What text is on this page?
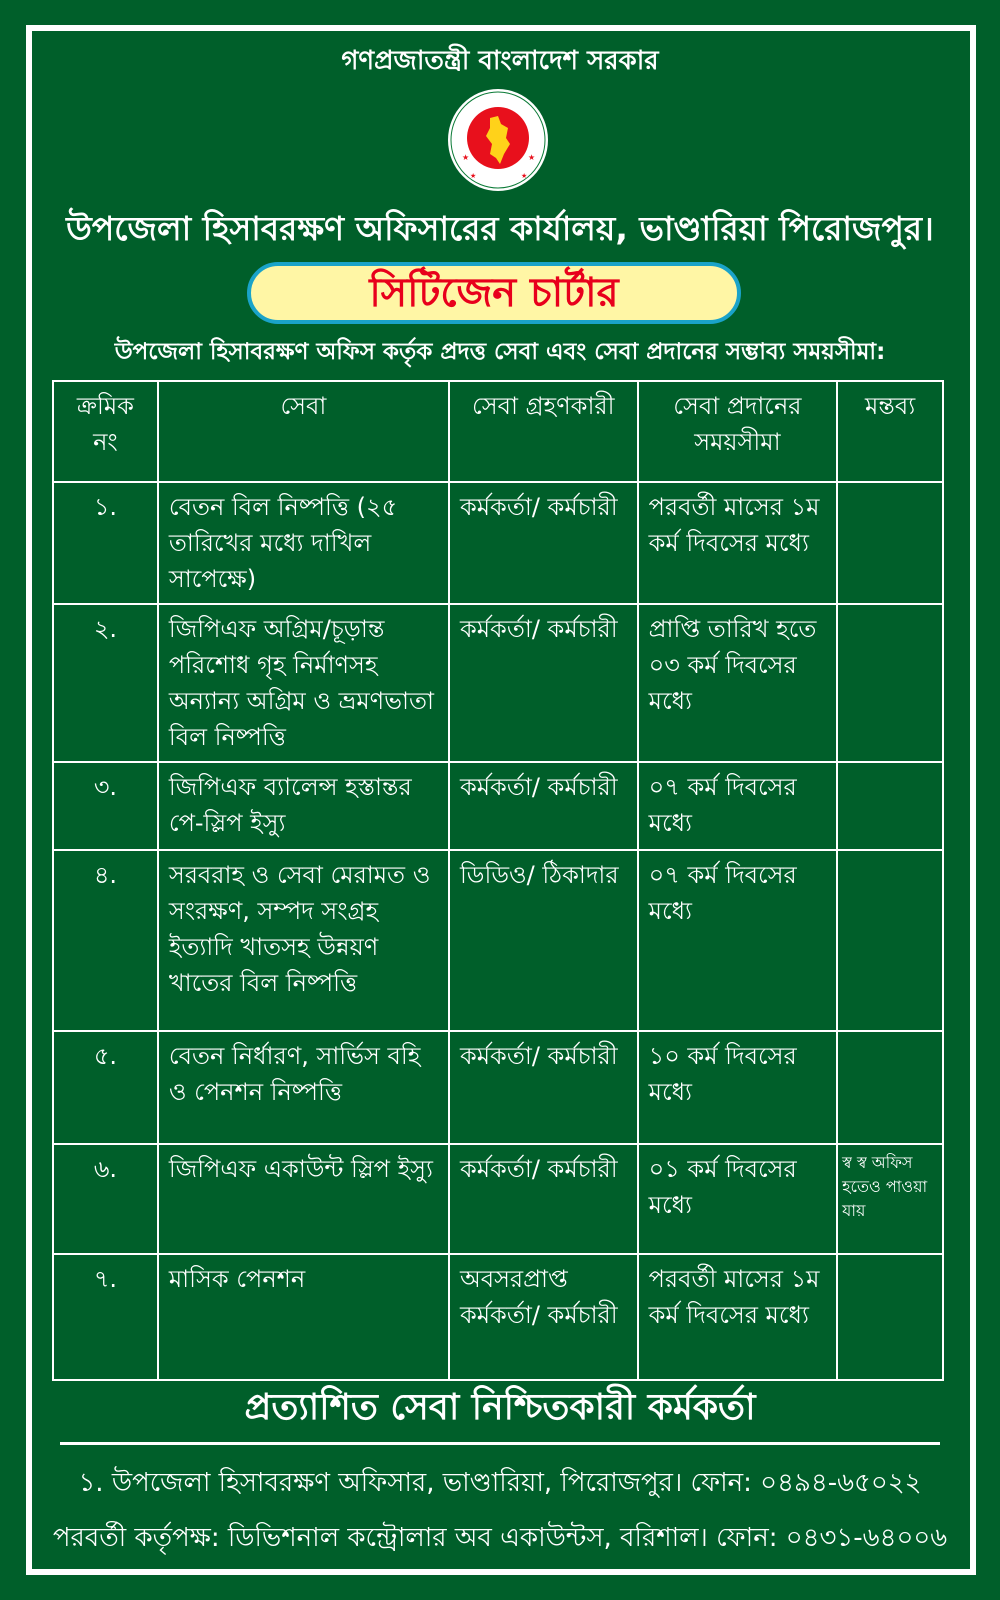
গণপ্রজাতন্ত্রী বাংলাদেশ সরকার
★	★
★	★
উপজেলা হিসাবরক্ষণ অফিসারের কার্যালয়, ভাণ্ডারিয়া পিরোজপুর।
সিটিজেন চার্টার
উপজেলা হিসাবরক্ষণ অফিস কর্তৃক প্রদত্ত সেবা এবং সেবা প্রদানের সম্ভাব্য সময়সীমা:
ক্রমিক নং	সেবা	সেবা গ্রহণকারী	সেবা প্রদানের সময়সীমা	মন্তব্য
১.	বেতন বিল নিষ্পত্তি (২৫ তারিখের মধ্যে দাখিল সাপেক্ষে)	কর্মকর্তা/ কর্মচারী	পরবর্তী মাসের ১ম কর্ম দিবসের মধ্যে	
২.	জিপিএফ অগ্রিম/চূড়ান্ত পরিশোধ গৃহ নির্মাণসহ অন্যান্য অগ্রিম ও ভ্রমণভাতা বিল নিষ্পত্তি	কর্মকর্তা/ কর্মচারী	প্রাপ্তি তারিখ হতে ০৩ কর্ম দিবসের মধ্যে	
৩.	জিপিএফ ব্যালেন্স হস্তান্তর পে-স্লিপ ইস্যু	কর্মকর্তা/ কর্মচারী	০৭ কর্ম দিবসের মধ্যে	
৪.	সরবরাহ ও সেবা মেরামত ও সংরক্ষণ, সম্পদ সংগ্রহ ইত্যাদি খাতসহ উন্নয়ণ খাতের বিল নিষ্পত্তি	ডিডিও/ ঠিকাদার	০৭ কর্ম দিবসের মধ্যে	
৫.	বেতন নির্ধারণ, সার্ভিস বহি ও পেনশন নিষ্পত্তি	কর্মকর্তা/ কর্মচারী	১০ কর্ম দিবসের মধ্যে	
৬.	জিপিএফ একাউন্ট স্লিপ ইস্যু	কর্মকর্তা/ কর্মচারী	০১ কর্ম দিবসের মধ্যে	স্ব স্ব অফিস হতেও পাওয়া যায়
৭.	মাসিক পেনশন	অবসরপ্রাপ্ত কর্মকর্তা/ কর্মচারী	পরবর্তী মাসের ১ম কর্ম দিবসের মধ্যে	
প্রত্যাশিত সেবা নিশ্চিতকারী কর্মকর্তা
১. উপজেলা হিসাবরক্ষণ অফিসার, ভাণ্ডারিয়া, পিরোজপুর। ফোন: ০৪৯৪-৬৫০২২
পরবর্তী কর্তৃপক্ষ: ডিভিশনাল কন্ট্রোলার অব একাউন্টস, বরিশাল। ফোন: ০৪৩১-৬৪০০৬
